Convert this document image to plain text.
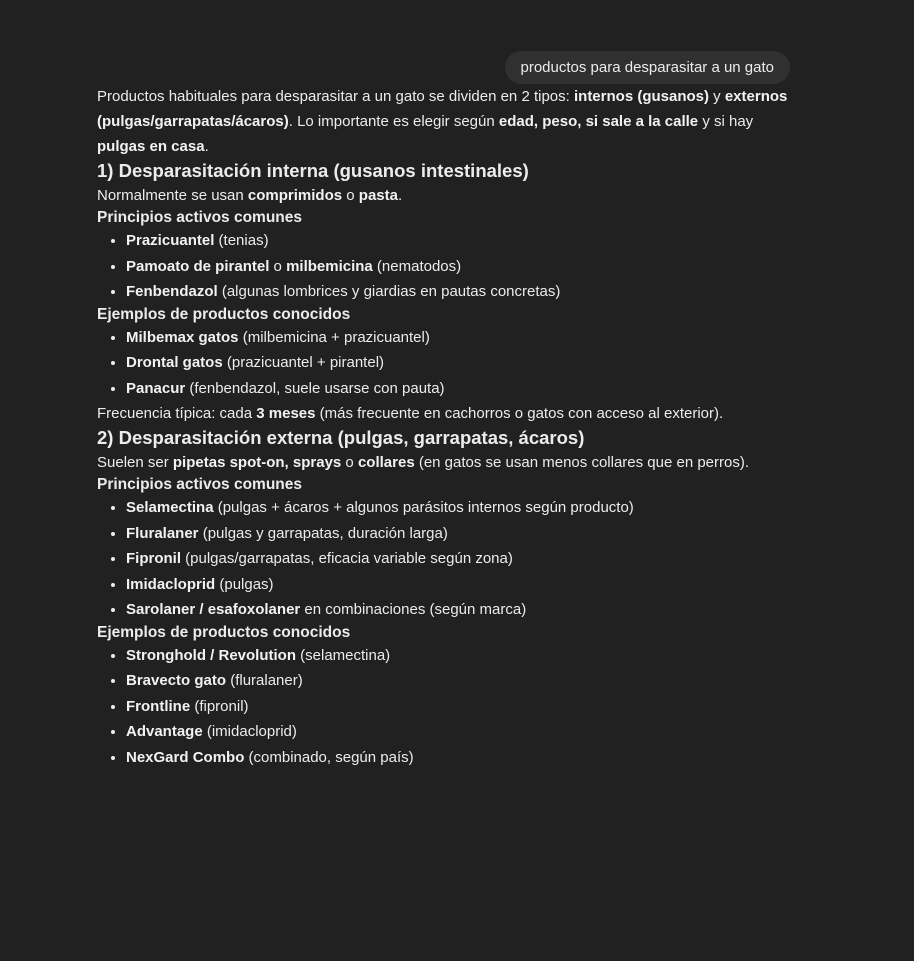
productos para desparasitar a un gato

Productos habituales para desparasitar a un gato se dividen en 2 tipos: internos (gusanos) y externos (pulgas/garrapatas/ácaros). Lo importante es elegir según edad, peso, si sale a la calle y si hay pulgas en casa.

1) Desparasitación interna (gusanos intestinales)

Normalmente se usan comprimidos o pasta.

Principios activos comunes
• Prazicuantel (tenias)
• Pamoato de pirantel o milbemicina (nematodos)
• Fenbendazol (algunas lombrices y giardias en pautas concretas)
Ejemplos de productos conocidos
• Milbemax gatos (milbemicina + prazicuantel)
• Drontal gatos (prazicuantel + pirantel)
• Panacur (fenbendazol, suele usarse con pauta)

Frecuencia típica: cada 3 meses (más frecuente en cachorros o gatos con acceso al exterior).

2) Desparasitación externa (pulgas, garrapatas, ácaros)

Suelen ser pipetas spot-on, sprays o collares (en gatos se usan menos collares que en perros).

Principios activos comunes
• Selamectina (pulgas + ácaros + algunos parásitos internos según producto)
• Fluralaner (pulgas y garrapatas, duración larga)
• Fipronil (pulgas/garrapatas, eficacia variable según zona)
• Imidacloprid (pulgas)
• Sarolaner / esafoxolaner en combinaciones (según marca)
Ejemplos de productos conocidos
• Stronghold / Revolution (selamectina)
• Bravecto gato (fluralaner)
• Frontline (fipronil)
• Advantage (imidacloprid)
• NexGard Combo (combinado, según país)
